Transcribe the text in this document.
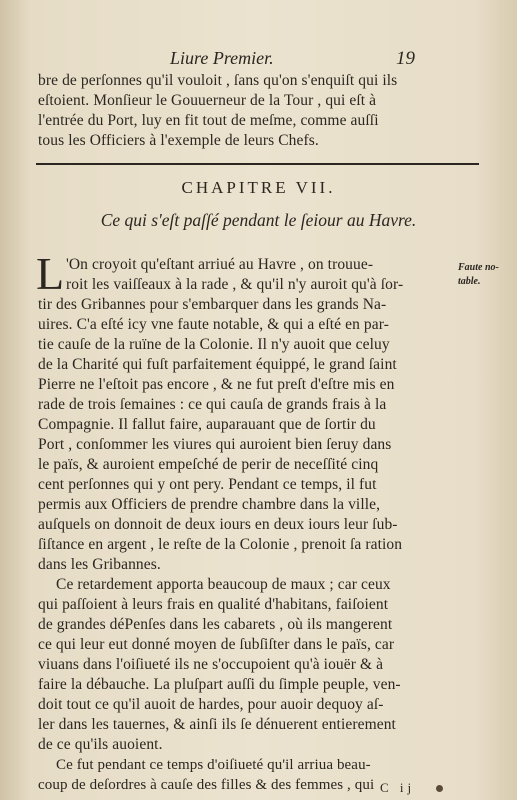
Liure Premier.	19
bre de perſonnes qu'il vouloit , ſans qu'on s'enquiſt qui ils
eſtoient. Monſieur le Gouuerneur de la Tour , qui eſt à
l'entrée du Port, luy en fit tout de meſme, comme auſſi
tous les Officiers à l'exemple de leurs Chefs.
CHAPITRE VII.
Ce qui s'eſt paſſé pendant le ſeiour au Havre.
L 'On croyoit qu'eſtant arriué au Havre , on trouue-
roit les vaiſſeaux à la rade , & qu'il n'y auroit qu'à ſor-
Faute no-
table.
tir des Gribannes pour s'embarquer dans les grands Na-
uires. C'a eſté icy vne faute notable, & qui a eſté en par-
tie cauſe de la ruïne de la Colonie. Il n'y auoit que celuy
de la Charité qui fuſt parfaitement équippé, le grand ſaint
Pierre ne l'eſtoit pas encore , & ne fut preſt d'eſtre mis en
rade de trois ſemaines : ce qui cauſa de grands frais à la
Compagnie. Il fallut faire, auparauant que de ſortir du
Port , conſommer les viures qui auroient bien ſeruy dans
le païs, & auroient empeſché de perir de neceſſité cinq
cent perſonnes qui y ont pery. Pendant ce temps, il fut
permis aux Officiers de prendre chambre dans la ville,
auſquels on donnoit de deux iours en deux iours leur ſub-
ſiſtance en argent , le reſte de la Colonie , prenoit ſa ration
dans les Gribannes.
Ce retardement apporta beaucoup de maux ; car ceux
qui paſſoient à leurs frais en qualité d'habitans, faiſoient
de grandes déPenſes dans les cabarets , où ils mangerent
ce qui leur eut donné moyen de ſubſiſter dans le païs, car
viuans dans l'oiſiueté ils ne s'occupoient qu'à iouër & à
faire la débauche. La pluſpart auſſi du ſimple peuple, ven-
doit tout ce qu'il auoit de hardes, pour auoir dequoy aſ-
ler dans les tauernes, & ainſi ils ſe dénuerent entierement
de ce qu'ils auoient.
Ce fut pendant ce temps d'oiſiueté qu'il arriua beau-
coup de deſordres à cauſe des filles & des femmes , qui C ij
